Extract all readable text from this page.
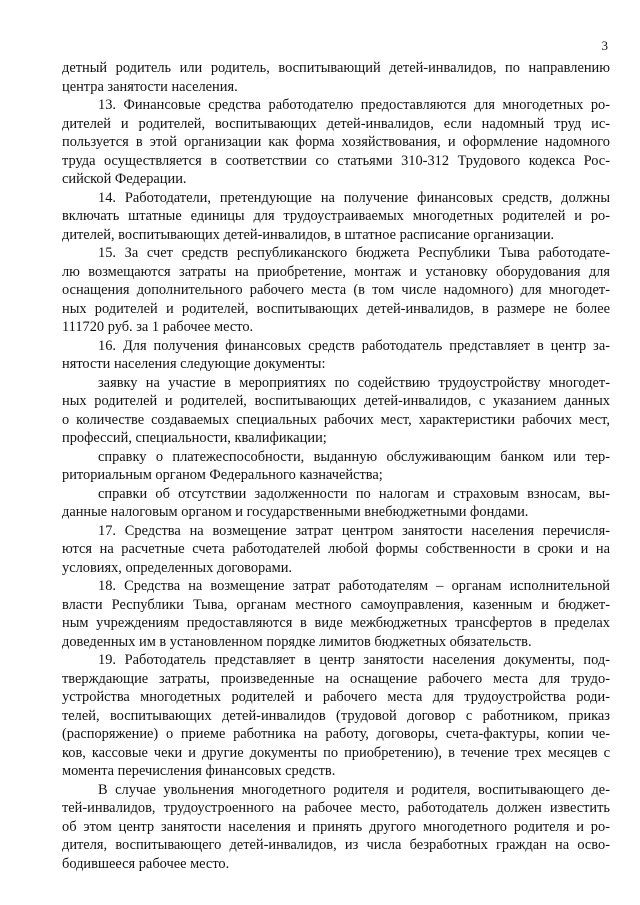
3
детный родитель или родитель, воспитывающий детей-инвалидов, по направлению
центра занятости населения.
13. Финансовые средства работодателю предоставляются для многодетных ро-
дителей и родителей, воспитывающих детей-инвалидов, если надомный труд ис-
пользуется в этой организации как форма хозяйствования, и оформление надомного
труда осуществляется в соответствии со статьями 310-312 Трудового кодекса Рос-
сийской Федерации.
14. Работодатели, претендующие на получение финансовых средств, должны
включать штатные единицы для трудоустраиваемых многодетных родителей и ро-
дителей, воспитывающих детей-инвалидов, в штатное расписание организации.
15. За счет средств республиканского бюджета Республики Тыва работодате-
лю возмещаются затраты на приобретение, монтаж и установку оборудования для
оснащения дополнительного рабочего места (в том числе надомного) для многодет-
ных родителей и родителей, воспитывающих детей-инвалидов, в размере не более
111720 руб. за 1 рабочее место.
16. Для получения финансовых средств работодатель представляет в центр за-
нятости населения следующие документы:
заявку на участие в мероприятиях по содействию трудоустройству многодет-
ных родителей и родителей, воспитывающих детей-инвалидов, с указанием данных
о количестве создаваемых специальных рабочих мест, характеристики рабочих мест,
профессий, специальности, квалификации;
справку о платежеспособности, выданную обслуживающим банком или тер-
риториальным органом Федерального казначейства;
справки об отсутствии задолженности по налогам и страховым взносам, вы-
данные налоговым органом и государственными внебюджетными фондами.
17. Средства на возмещение затрат центром занятости населения перечисля-
ются на расчетные счета работодателей любой формы собственности в сроки и на
условиях, определенных договорами.
18. Средства на возмещение затрат работодателям – органам исполнительной
власти Республики Тыва, органам местного самоуправления, казенным и бюджет-
ным учреждениям предоставляются в виде межбюджетных трансфертов в пределах
доведенных им в установленном порядке лимитов бюджетных обязательств.
19. Работодатель представляет в центр занятости населения документы, под-
тверждающие затраты, произведенные на оснащение рабочего места для трудо-
устройства многодетных родителей и рабочего места для трудоустройства роди-
телей, воспитывающих детей-инвалидов (трудовой договор с работником, приказ
(распоряжение) о приеме работника на работу, договоры, счета-фактуры, копии че-
ков, кассовые чеки и другие документы по приобретению), в течение трех месяцев с
момента перечисления финансовых средств.
В случае увольнения многодетного родителя и родителя, воспитывающего де-
тей-инвалидов, трудоустроенного на рабочее место, работодатель должен известить
об этом центр занятости населения и принять другого многодетного родителя и ро-
дителя, воспитывающего детей-инвалидов, из числа безработных граждан на осво-
бодившееся рабочее место.
